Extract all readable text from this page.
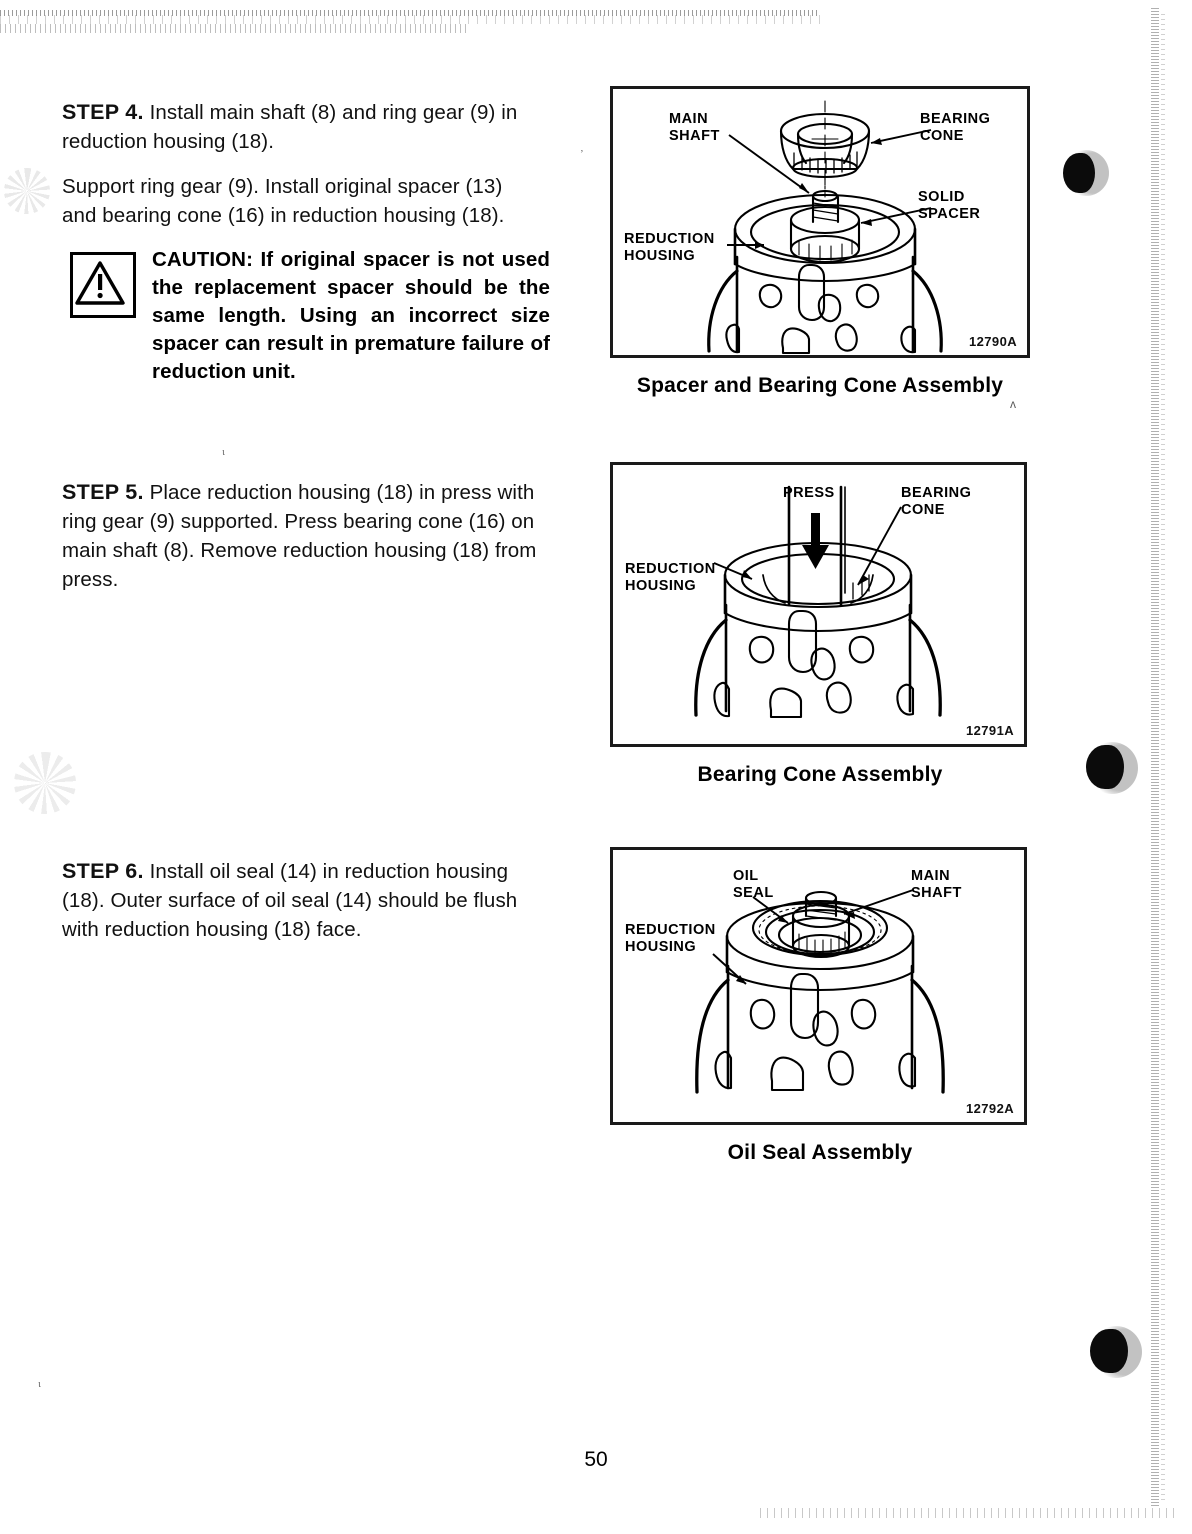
ι
ʼ
ι
STEP 4. Install main shaft (8) and ring gear (9) in reduction housing (18).
Support ring gear (9). Install original spacer (13) and bearing cone (16) in reduction housing (18).
CAUTION: If original spacer is not used the replacement spacer should be the same length. Using an incorrect size spacer can result in premature failure of reduction unit.
STEP 5. Place reduction housing (18) in press with ring gear (9) supported. Press bearing cone (16) on main shaft (8). Remove reduction housing (18) from press.
STEP 6. Install oil seal (14) in reduction housing (18). Outer surface of oil seal (14) should be flush with reduction housing (18) face.
MAIN
SHAFT
BEARING
CONE
SOLID
SPACER
REDUCTION
HOUSING
12790A
Spacer and Bearing Cone Assembly
ʌ
PRESS	BEARING
CONE
REDUCTION
HOUSING
12791A
Bearing Cone Assembly
OIL
SEAL
MAIN
SHAFT
REDUCTION
HOUSING
12792A
Oil Seal Assembly
50
